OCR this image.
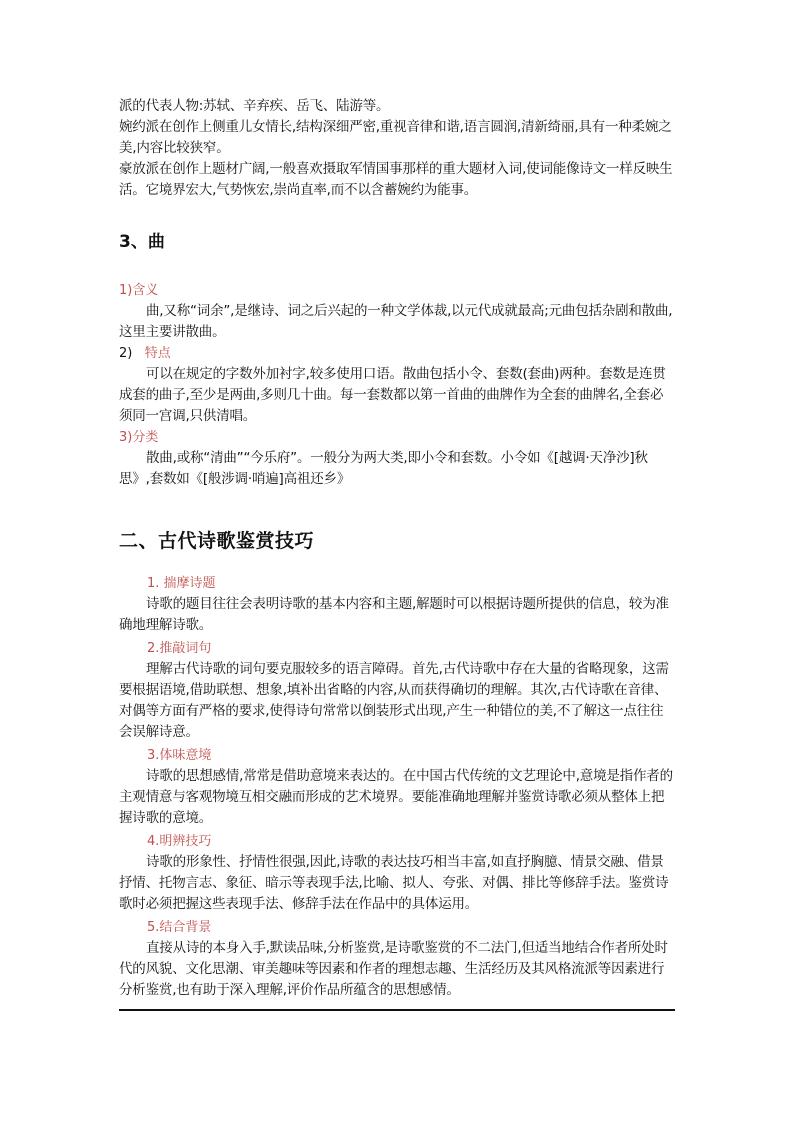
派的代表人物:苏轼、辛弃疾、岳飞、陆游等。

婉约派在创作上侧重儿女情长,结构深细严密,重视音律和谐,语言圆润,清新绮丽,具有一种柔婉之美,内容比较狭窄。

豪放派在创作上题材广阔,一般喜欢摄取军情国事那样的重大题材入词,使词能像诗文一样反映生活。它境界宏大,气势恢宏,崇尚直率,而不以含蓄婉约为能事。

3、曲
1)含义

曲,又称“词余”,是继诗、词之后兴起的一种文学体裁,以元代成就最高;元曲包括杂剧和散曲,这里主要讲散曲。

2) 特点

可以在规定的字数外加衬字,较多使用口语。散曲包括小令、套数(套曲)两种。套数是连贯成套的曲子,至少是两曲,多则几十曲。每一套数都以第一首曲的曲牌作为全套的曲牌名,全套必须同一宫调,只供清唱。

3)分类

散曲,或称“清曲”“今乐府”。一般分为两大类,即小令和套数。小令如《[越调·天净沙]秋思》,套数如《[般涉调·哨遍]高祖还乡》

二、古代诗歌鉴赏技巧
1. 揣摩诗题

诗歌的题目往往会表明诗歌的基本内容和主题,解题时可以根据诗题所提供的信息，较为准确地理解诗歌。

2.推敲词句

理解古代诗歌的词句要克服较多的语言障碍。首先,古代诗歌中存在大量的省略现象，这需要根据语境,借助联想、想象,填补出省略的内容,从而获得确切的理解。其次,古代诗歌在音律、对偶等方面有严格的要求,使得诗句常常以倒装形式出现,产生一种错位的美,不了解这一点往往会误解诗意。

3.体味意境

诗歌的思想感情,常常是借助意境来表达的。在中国古代传统的文艺理论中,意境是指作者的主观情意与客观物境互相交融而形成的艺术境界。要能准确地理解并鉴赏诗歌必须从整体上把握诗歌的意境。

4.明辨技巧

诗歌的形象性、抒情性很强,因此,诗歌的表达技巧相当丰富,如直抒胸臆、情景交融、借景抒情、托物言志、象征、暗示等表现手法,比喻、拟人、夸张、对偶、排比等修辞手法。鉴赏诗歌时必须把握这些表现手法、修辞手法在作品中的具体运用。

5.结合背景

直接从诗的本身入手,默读品味,分析鉴赏,是诗歌鉴赏的不二法门,但适当地结合作者所处时代的风貌、文化思潮、审美趣味等因素和作者的理想志趣、生活经历及其风格流派等因素进行分析鉴赏,也有助于深入理解,评价作品所蕴含的思想感情。
